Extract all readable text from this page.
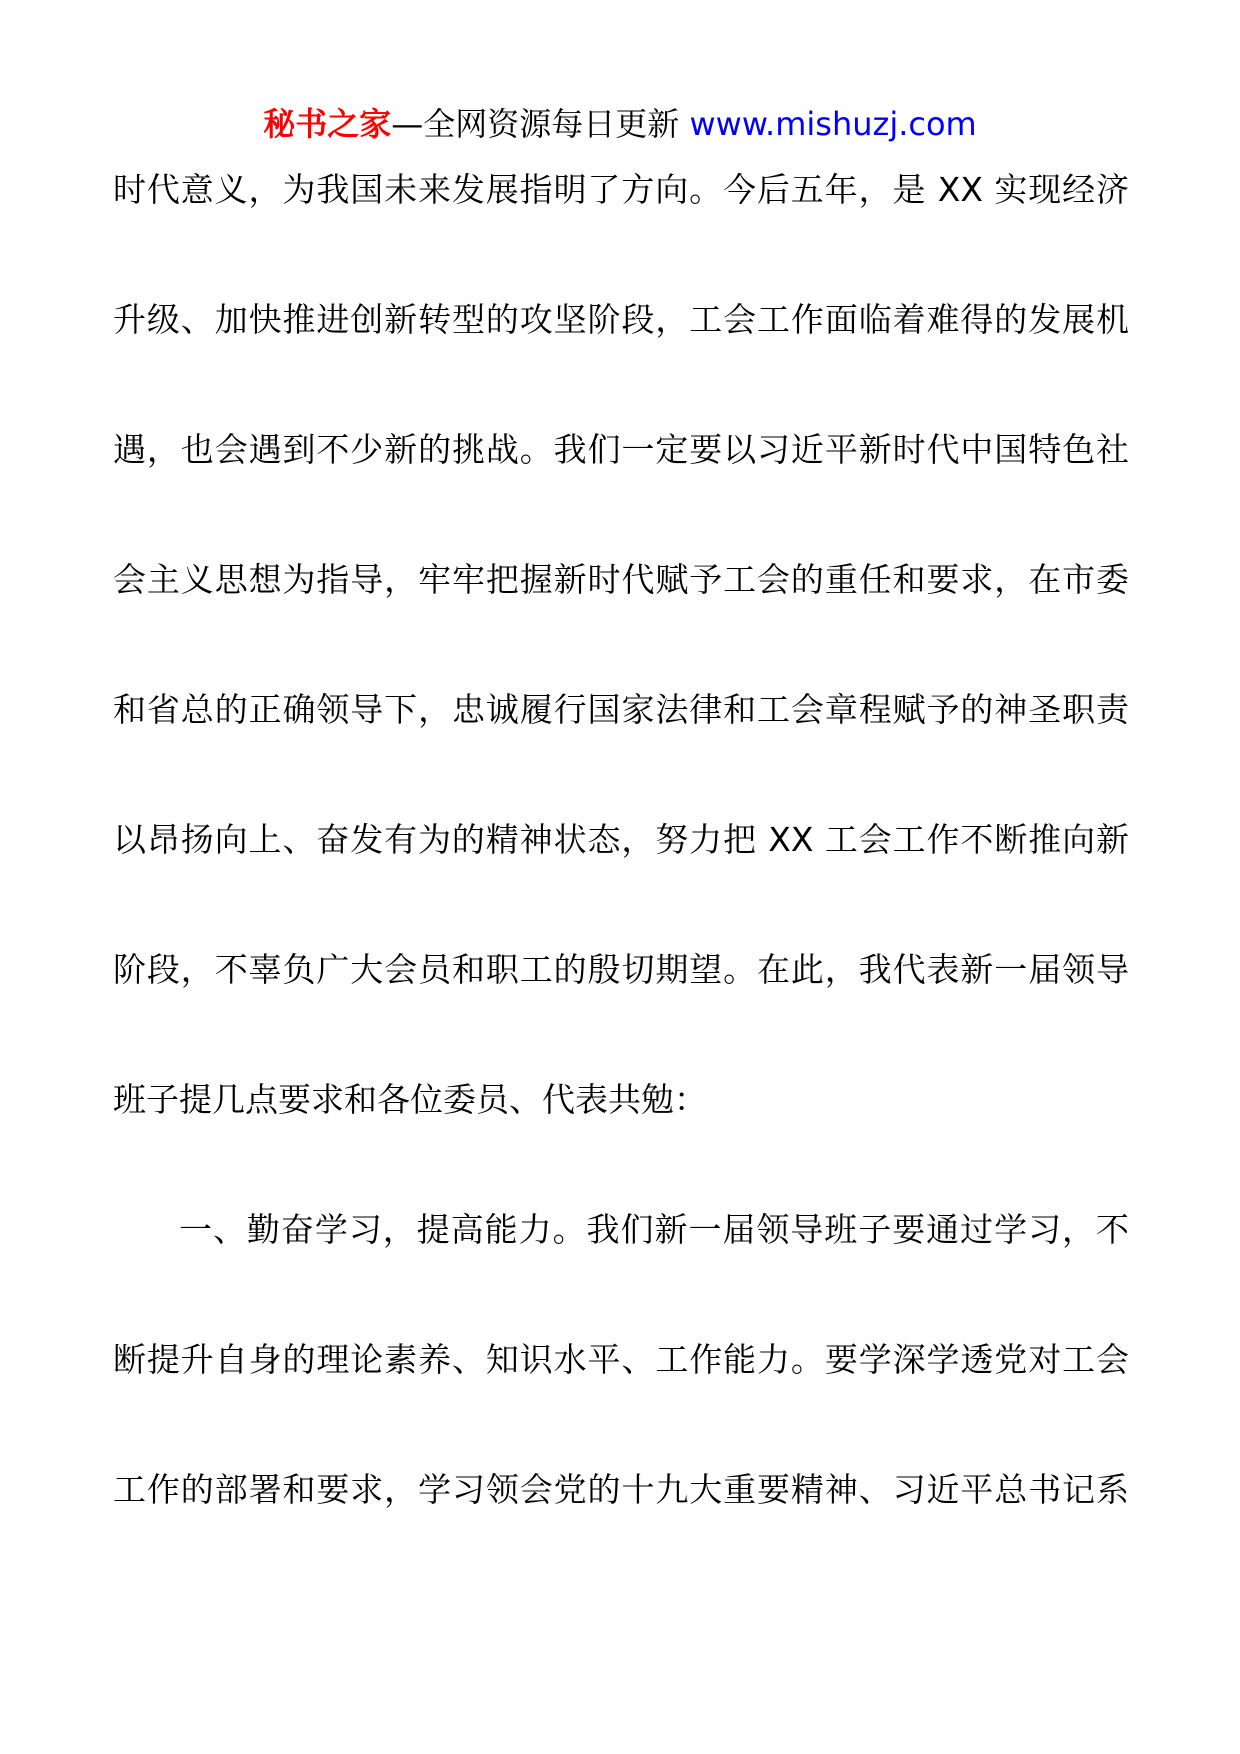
秘书之家—全网资源每日更新 www.mishuzj.com
时代意义，为我国未来发展指明了方向。今后五年，是 XX 实现经济
升级、加快推进创新转型的攻坚阶段，工会工作面临着难得的发展机
遇，也会遇到不少新的挑战。我们一定要以习近平新时代中国特色社
会主义思想为指导，牢牢把握新时代赋予工会的重任和要求，在市委
和省总的正确领导下，忠诚履行国家法律和工会章程赋予的神圣职责
以昂扬向上、奋发有为的精神状态，努力把 XX 工会工作不断推向新
阶段，不辜负广大会员和职工的殷切期望。在此，我代表新一届领导
班子提几点要求和各位委员、代表共勉：
一、勤奋学习，提高能力。我们新一届领导班子要通过学习，不
断提升自身的理论素养、知识水平、工作能力。要学深学透党对工会
工作的部署和要求，学习领会党的十九大重要精神、习近平总书记系
